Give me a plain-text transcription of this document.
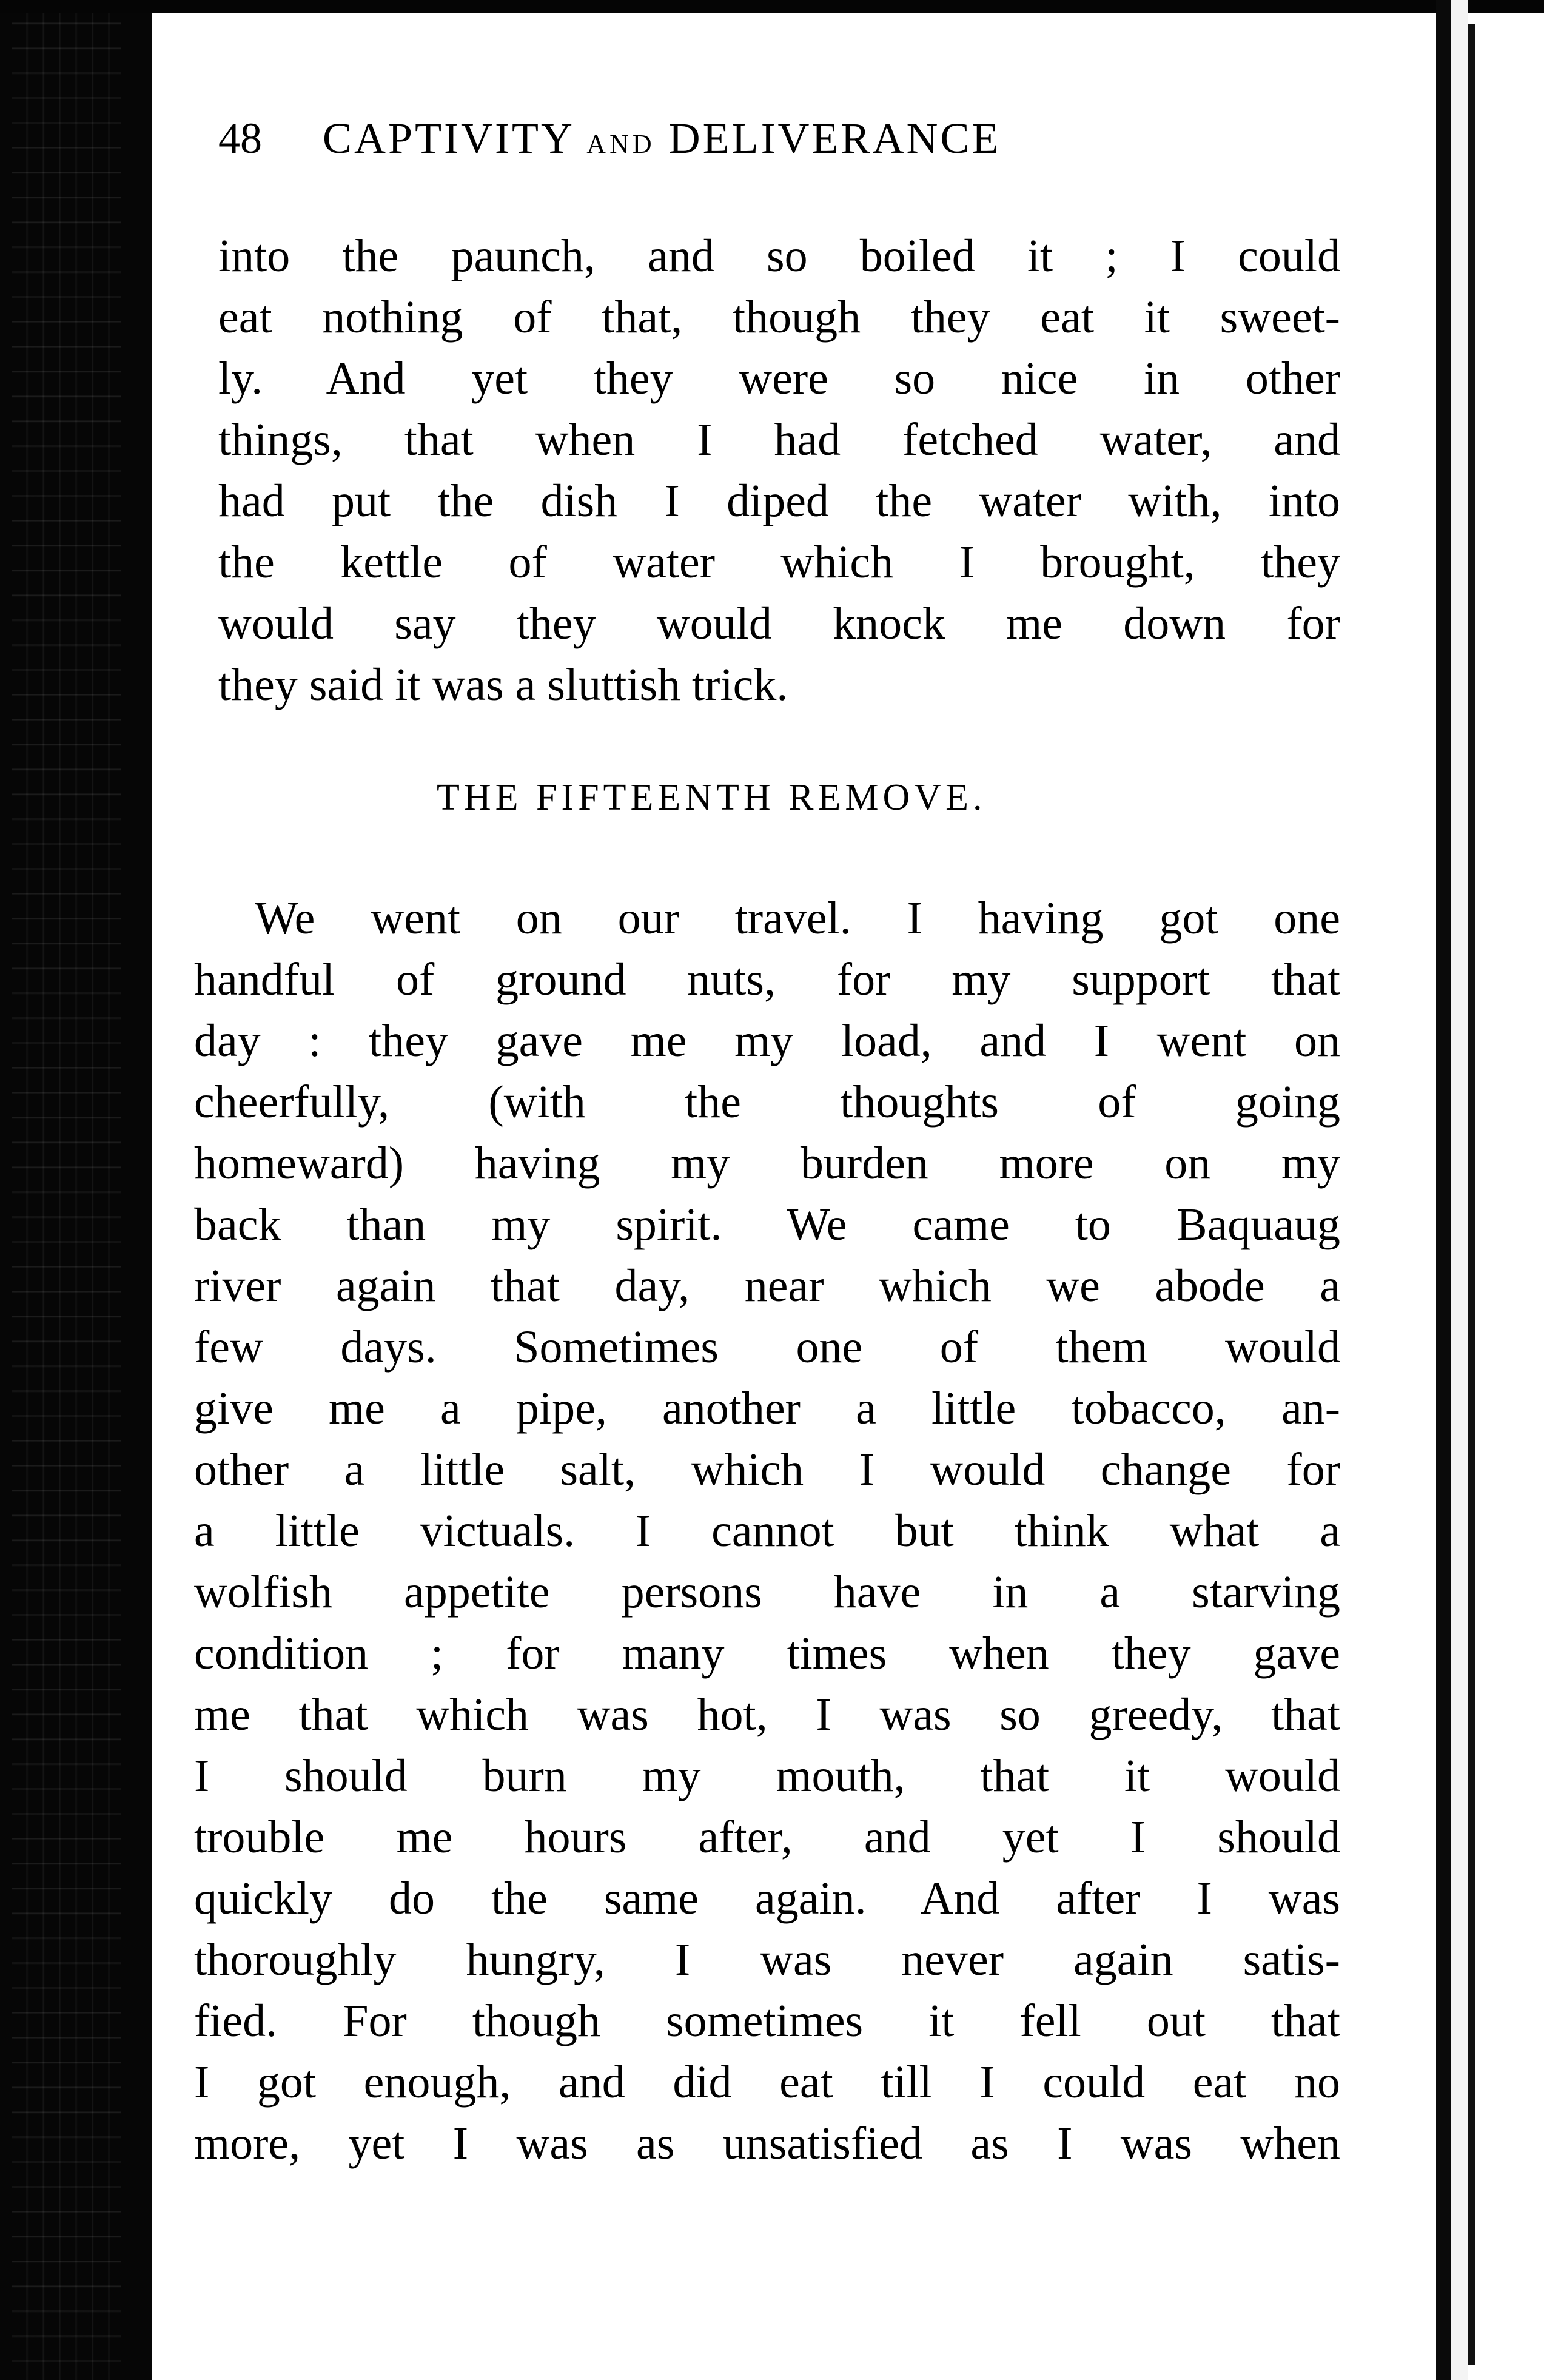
48 CAPTIVITY AND DELIVERANCE
into the paunch, and so boiled it ; I could
eat nothing of that, though they eat it sweet-
ly. And yet they were so nice in other
things, that when I had fetched water, and
had put the dish I diped the water with, into
the kettle of water which I brought, they
would say they would knock me down for
they said it was a sluttish trick.
THE FIFTEENTH REMOVE.
We went on our travel. I having got one
handful of ground nuts, for my support that
day : they gave me my load, and I went on
cheerfully, (with the thoughts of going
homeward) having my burden more on my
back than my spirit. We came to Baquaug
river again that day, near which we abode a
few days. Sometimes one of them would
give me a pipe, another a little tobacco, an-
other a little salt, which I would change for
a little victuals. I cannot but think what a
wolfish appetite persons have in a starving
condition ; for many times when they gave
me that which was hot, I was so greedy, that
I should burn my mouth, that it would
trouble me hours after, and yet I should
quickly do the same again. And after I was
thoroughly hungry, I was never again satis-
fied. For though sometimes it fell out that
I got enough, and did eat till I could eat no
more, yet I was as unsatisfied as I was when
